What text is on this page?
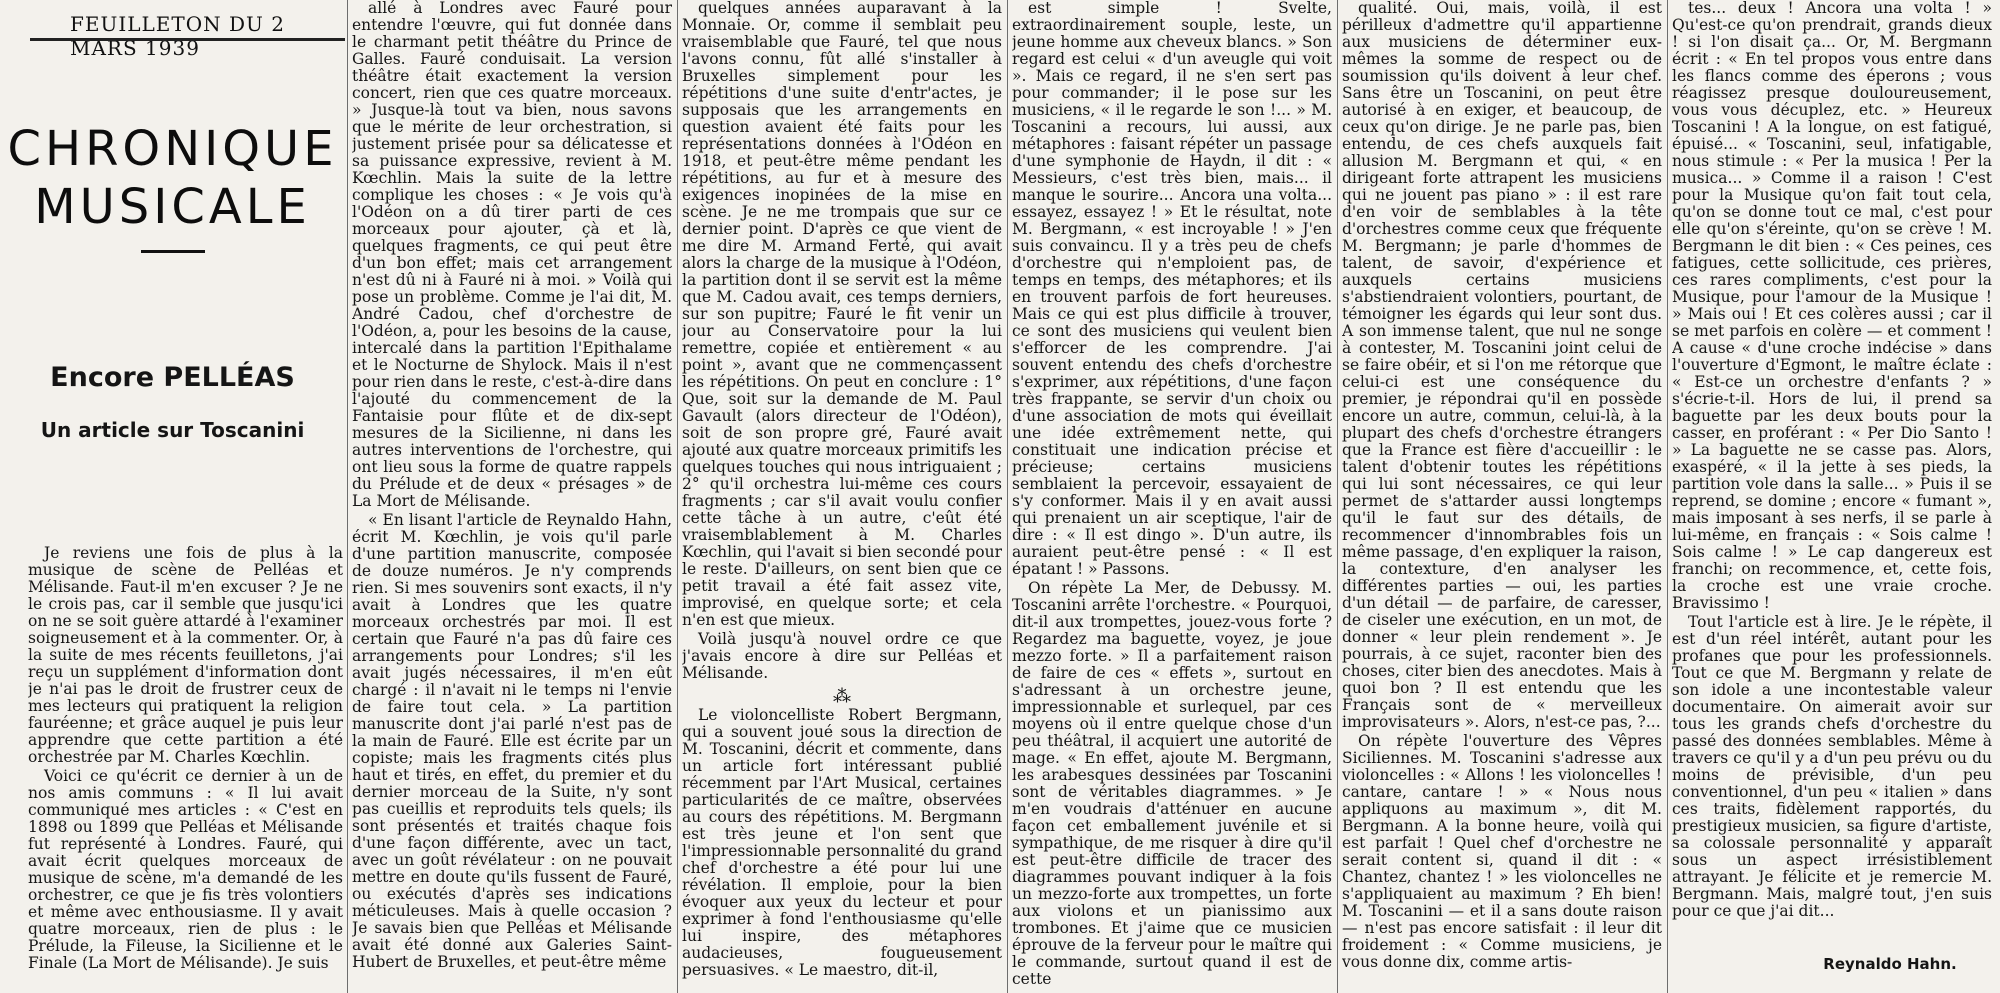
FEUILLETON DU 2 MARS 1939
CHRONIQUE
MUSICALE
Encore PELLÉAS
Un article sur Toscanini

Je reviens une fois de plus à la musique de scène de Pelléas et Mélisande. Faut-il m'en excuser ? Je ne le crois pas, car il semble que jusqu'ici on ne se soit guère attardé à l'examiner soigneusement et à la commenter. Or, à la suite de mes récents feuilletons, j'ai reçu un supplément d'information dont je n'ai pas le droit de frustrer ceux de mes lecteurs qui pratiquent la religion fauréenne; et grâce auquel je puis leur apprendre que cette partition a été orchestrée par M. Charles Kœchlin.

Voici ce qu'écrit ce dernier à un de nos amis communs : « Il lui avait communiqué mes articles : « C'est en 1898 ou 1899 que Pelléas et Mélisande fut représenté à Londres. Fauré, qui avait écrit quelques morceaux de musique de scène, m'a demandé de les orchestrer, ce que je fis très volontiers et même avec enthousiasme. Il y avait quatre morceaux, rien de plus : le Prélude, la Fileuse, la Sicilienne et le Finale (La Mort de Mélisande). Je suis

allé à Londres avec Fauré pour entendre l'œuvre, qui fut donnée dans le charmant petit théâtre du Prince de Galles. Fauré conduisait. La version théâtre était exactement la version concert, rien que ces quatre morceaux. » Jusque-là tout va bien, nous savons que le mérite de leur orchestration, si justement prisée pour sa délicatesse et sa puissance expressive, revient à M. Kœchlin. Mais la suite de la lettre complique les choses : « Je vois qu'à l'Odéon on a dû tirer parti de ces morceaux pour ajouter, çà et là, quelques fragments, ce qui peut être d'un bon effet; mais cet arrangement n'est dû ni à Fauré ni à moi. » Voilà qui pose un problème. Comme je l'ai dit, M. André Cadou, chef d'orchestre de l'Odéon, a, pour les besoins de la cause, intercalé dans la partition l'Epithalame et le Nocturne de Shylock. Mais il n'est pour rien dans le reste, c'est-à-dire dans l'ajouté du commencement de la Fantaisie pour flûte et de dix-sept mesures de la Sicilienne, ni dans les autres interventions de l'orchestre, qui ont lieu sous la forme de quatre rappels du Prélude et de deux « présages » de La Mort de Mélisande.

« En lisant l'article de Reynaldo Hahn, écrit M. Kœchlin, je vois qu'il parle d'une partition manuscrite, composée de douze numéros. Je n'y comprends rien. Si mes souvenirs sont exacts, il n'y avait à Londres que les quatre morceaux orchestrés par moi. Il est certain que Fauré n'a pas dû faire ces arrangements pour Londres; s'il les avait jugés nécessaires, il m'en eût chargé : il n'avait ni le temps ni l'envie de faire tout cela. » La partition manuscrite dont j'ai parlé n'est pas de la main de Fauré. Elle est écrite par un copiste; mais les fragments cités plus haut et tirés, en effet, du premier et du dernier morceau de la Suite, n'y sont pas cueillis et reproduits tels quels; ils sont présentés et traités chaque fois d'une façon différente, avec un tact, avec un goût révélateur : on ne pouvait mettre en doute qu'ils fussent de Fauré, ou exécutés d'après ses indications méticuleuses. Mais à quelle occasion ? Je savais bien que Pelléas et Mélisande avait été donné aux Galeries Saint-Hubert de Bruxelles, et peut-être même

quelques années auparavant à la Monnaie. Or, comme il semblait peu vraisemblable que Fauré, tel que nous l'avons connu, fût allé s'installer à Bruxelles simplement pour les répétitions d'une suite d'entr'actes, je supposais que les arrangements en question avaient été faits pour les représentations données à l'Odéon en 1918, et peut-être même pendant les répétitions, au fur et à mesure des exigences inopinées de la mise en scène. Je ne me trompais que sur ce dernier point. D'après ce que vient de me dire M. Armand Ferté, qui avait alors la charge de la musique à l'Odéon, la partition dont il se servit est la même que M. Cadou avait, ces temps derniers, sur son pupitre; Fauré le fit venir un jour au Conservatoire pour la lui remettre, copiée et entièrement « au point », avant que ne commençassent les répétitions. On peut en conclure : 1° Que, soit sur la demande de M. Paul Gavault (alors directeur de l'Odéon), soit de son propre gré, Fauré avait ajouté aux quatre morceaux primitifs les quelques touches qui nous intriguaient ; 2° qu'il orchestra lui-même ces cours fragments ; car s'il avait voulu confier cette tâche à un autre, c'eût été vraisemblablement à M. Charles Kœchlin, qui l'avait si bien secondé pour le reste. D'ailleurs, on sent bien que ce petit travail a été fait assez vite, improvisé, en quelque sorte; et cela n'en est que mieux.

Voilà jusqu'à nouvel ordre ce que j'avais encore à dire sur Pelléas et Mélisande.

⁂

Le violoncelliste Robert Bergmann, qui a souvent joué sous la direction de M. Toscanini, décrit et commente, dans un article fort intéressant publié récemment par l'Art Musical, certaines particularités de ce maître, observées au cours des répétitions. M. Bergmann est très jeune et l'on sent que l'impressionnable personnalité du grand chef d'orchestre a été pour lui une révélation. Il emploie, pour la bien évoquer aux yeux du lecteur et pour exprimer à fond l'enthousiasme qu'elle lui inspire, des métaphores audacieuses, fougueusement persuasives. « Le maestro, dit-il,

est simple ! Svelte, extraordinairement souple, leste, un jeune homme aux cheveux blancs. » Son regard est celui « d'un aveugle qui voit ». Mais ce regard, il ne s'en sert pas pour commander; il le pose sur les musiciens, « il le regarde le son !... » M. Toscanini a recours, lui aussi, aux métaphores : faisant répéter un passage d'une symphonie de Haydn, il dit : « Messieurs, c'est très bien, mais... il manque le sourire... Ancora una volta... essayez, essayez ! » Et le résultat, note M. Bergmann, « est incroyable ! » J'en suis convaincu. Il y a très peu de chefs d'orchestre qui n'emploient pas, de temps en temps, des métaphores; et ils en trouvent parfois de fort heureuses. Mais ce qui est plus difficile à trouver, ce sont des musiciens qui veulent bien s'efforcer de les comprendre. J'ai souvent entendu des chefs d'orchestre s'exprimer, aux répétitions, d'une façon très frappante, se servir d'un choix ou d'une association de mots qui éveillait une idée extrêmement nette, qui constituait une indication précise et précieuse; certains musiciens semblaient la percevoir, essayaient de s'y conformer. Mais il y en avait aussi qui prenaient un air sceptique, l'air de dire : « Il est dingo ». D'un autre, ils auraient peut-être pensé : « Il est épatant ! » Passons.

On répète La Mer, de Debussy. M. Toscanini arrête l'orchestre. « Pourquoi, dit-il aux trompettes, jouez-vous forte ? Regardez ma baguette, voyez, je joue mezzo forte. » Il a parfaitement raison de faire de ces « effets », surtout en s'adressant à un orchestre jeune, impressionnable et surlequel, par ces moyens où il entre quelque chose d'un peu théâtral, il acquiert une autorité de mage. « En effet, ajoute M. Bergmann, les arabesques dessinées par Toscanini sont de véritables diagrammes. » Je m'en voudrais d'atténuer en aucune façon cet emballement juvénile et si sympathique, de me risquer à dire qu'il est peut-être difficile de tracer des diagrammes pouvant indiquer à la fois un mezzo-forte aux trompettes, un forte aux violons et un pianissimo aux trombones. Et j'aime que ce musicien éprouve de la ferveur pour le maître qui le commande, surtout quand il est de cette

qualité. Oui, mais, voilà, il est périlleux d'admettre qu'il appartienne aux musiciens de déterminer eux-mêmes la somme de respect ou de soumission qu'ils doivent à leur chef. Sans être un Toscanini, on peut être autorisé à en exiger, et beaucoup, de ceux qu'on dirige. Je ne parle pas, bien entendu, de ces chefs auxquels fait allusion M. Bergmann et qui, « en dirigeant forte attrapent les musiciens qui ne jouent pas piano » : il est rare d'en voir de semblables à la tête d'orchestres comme ceux que fréquente M. Bergmann; je parle d'hommes de talent, de savoir, d'expérience et auxquels certains musiciens s'abstiendraient volontiers, pourtant, de témoigner les égards qui leur sont dus. A son immense talent, que nul ne songe à contester, M. Toscanini joint celui de se faire obéir, et si l'on me rétorque que celui-ci est une conséquence du premier, je répondrai qu'il en possède encore un autre, commun, celui-là, à la plupart des chefs d'orchestre étrangers que la France est fière d'accueillir : le talent d'obtenir toutes les répétitions qui lui sont nécessaires, ce qui leur permet de s'attarder aussi longtemps qu'il le faut sur des détails, de recommencer d'innombrables fois un même passage, d'en expliquer la raison, la contexture, d'en analyser les différentes parties — oui, les parties d'un détail — de parfaire, de caresser, de ciseler une exécution, en un mot, de donner « leur plein rendement ». Je pourrais, à ce sujet, raconter bien des choses, citer bien des anecdotes. Mais à quoi bon ? Il est entendu que les Français sont de « merveilleux improvisateurs ». Alors, n'est-ce pas, ?...

On répète l'ouverture des Vêpres Siciliennes. M. Toscanini s'adresse aux violoncelles : « Allons ! les violoncelles ! cantare, cantare ! » « Nous nous appliquons au maximum », dit M. Bergmann. A la bonne heure, voilà qui est parfait ! Quel chef d'orchestre ne serait content si, quand il dit : « Chantez, chantez ! » les violoncelles ne s'appliquaient au maximum ? Eh bien! M. Toscanini — et il a sans doute raison — n'est pas encore satisfait : il leur dit froidement : « Comme musiciens, je vous donne dix, comme artis-

tes... deux ! Ancora una volta ! » Qu'est-ce qu'on prendrait, grands dieux ! si l'on disait ça... Or, M. Bergmann écrit : « En tel propos vous entre dans les flancs comme des éperons ; vous réagissez presque douloureusement, vous vous décuplez, etc. » Heureux Toscanini ! A la longue, on est fatigué, épuisé... « Toscanini, seul, infatigable, nous stimule : « Per la musica ! Per la musica... » Comme il a raison ! C'est pour la Musique qu'on fait tout cela, qu'on se donne tout ce mal, c'est pour elle qu'on s'éreinte, qu'on se crève ! M. Bergmann le dit bien : « Ces peines, ces fatigues, cette sollicitude, ces prières, ces rares compliments, c'est pour la Musique, pour l'amour de la Musique ! » Mais oui ! Et ces colères aussi ; car il se met parfois en colère — et comment ! A cause « d'une croche indécise » dans l'ouverture d'Egmont, le maître éclate : « Est-ce un orchestre d'enfants ? » s'écrie-t-il. Hors de lui, il prend sa baguette par les deux bouts pour la casser, en proférant : « Per Dio Santo ! » La baguette ne se casse pas. Alors, exaspéré, « il la jette à ses pieds, la partition vole dans la salle... » Puis il se reprend, se domine ; encore « fumant », mais imposant à ses nerfs, il se parle à lui-même, en français : « Sois calme ! Sois calme ! » Le cap dangereux est franchi; on recommence, et, cette fois, la croche est une vraie croche. Bravissimo !

Tout l'article est à lire. Je le répète, il est d'un réel intérêt, autant pour les profanes que pour les professionnels. Tout ce que M. Bergmann y relate de son idole a une incontestable valeur documentaire. On aimerait avoir sur tous les grands chefs d'orchestre du passé des données semblables. Même à travers ce qu'il y a d'un peu prévu ou du moins de prévisible, d'un peu conventionnel, d'un peu « italien » dans ces traits, fidèlement rapportés, du prestigieux musicien, sa figure d'artiste, sa colossale personnalité y apparaît sous un aspect irrésistiblement attrayant. Je félicite et je remercie M. Bergmann. Mais, malgré tout, j'en suis pour ce que j'ai dit...

Reynaldo Hahn.
